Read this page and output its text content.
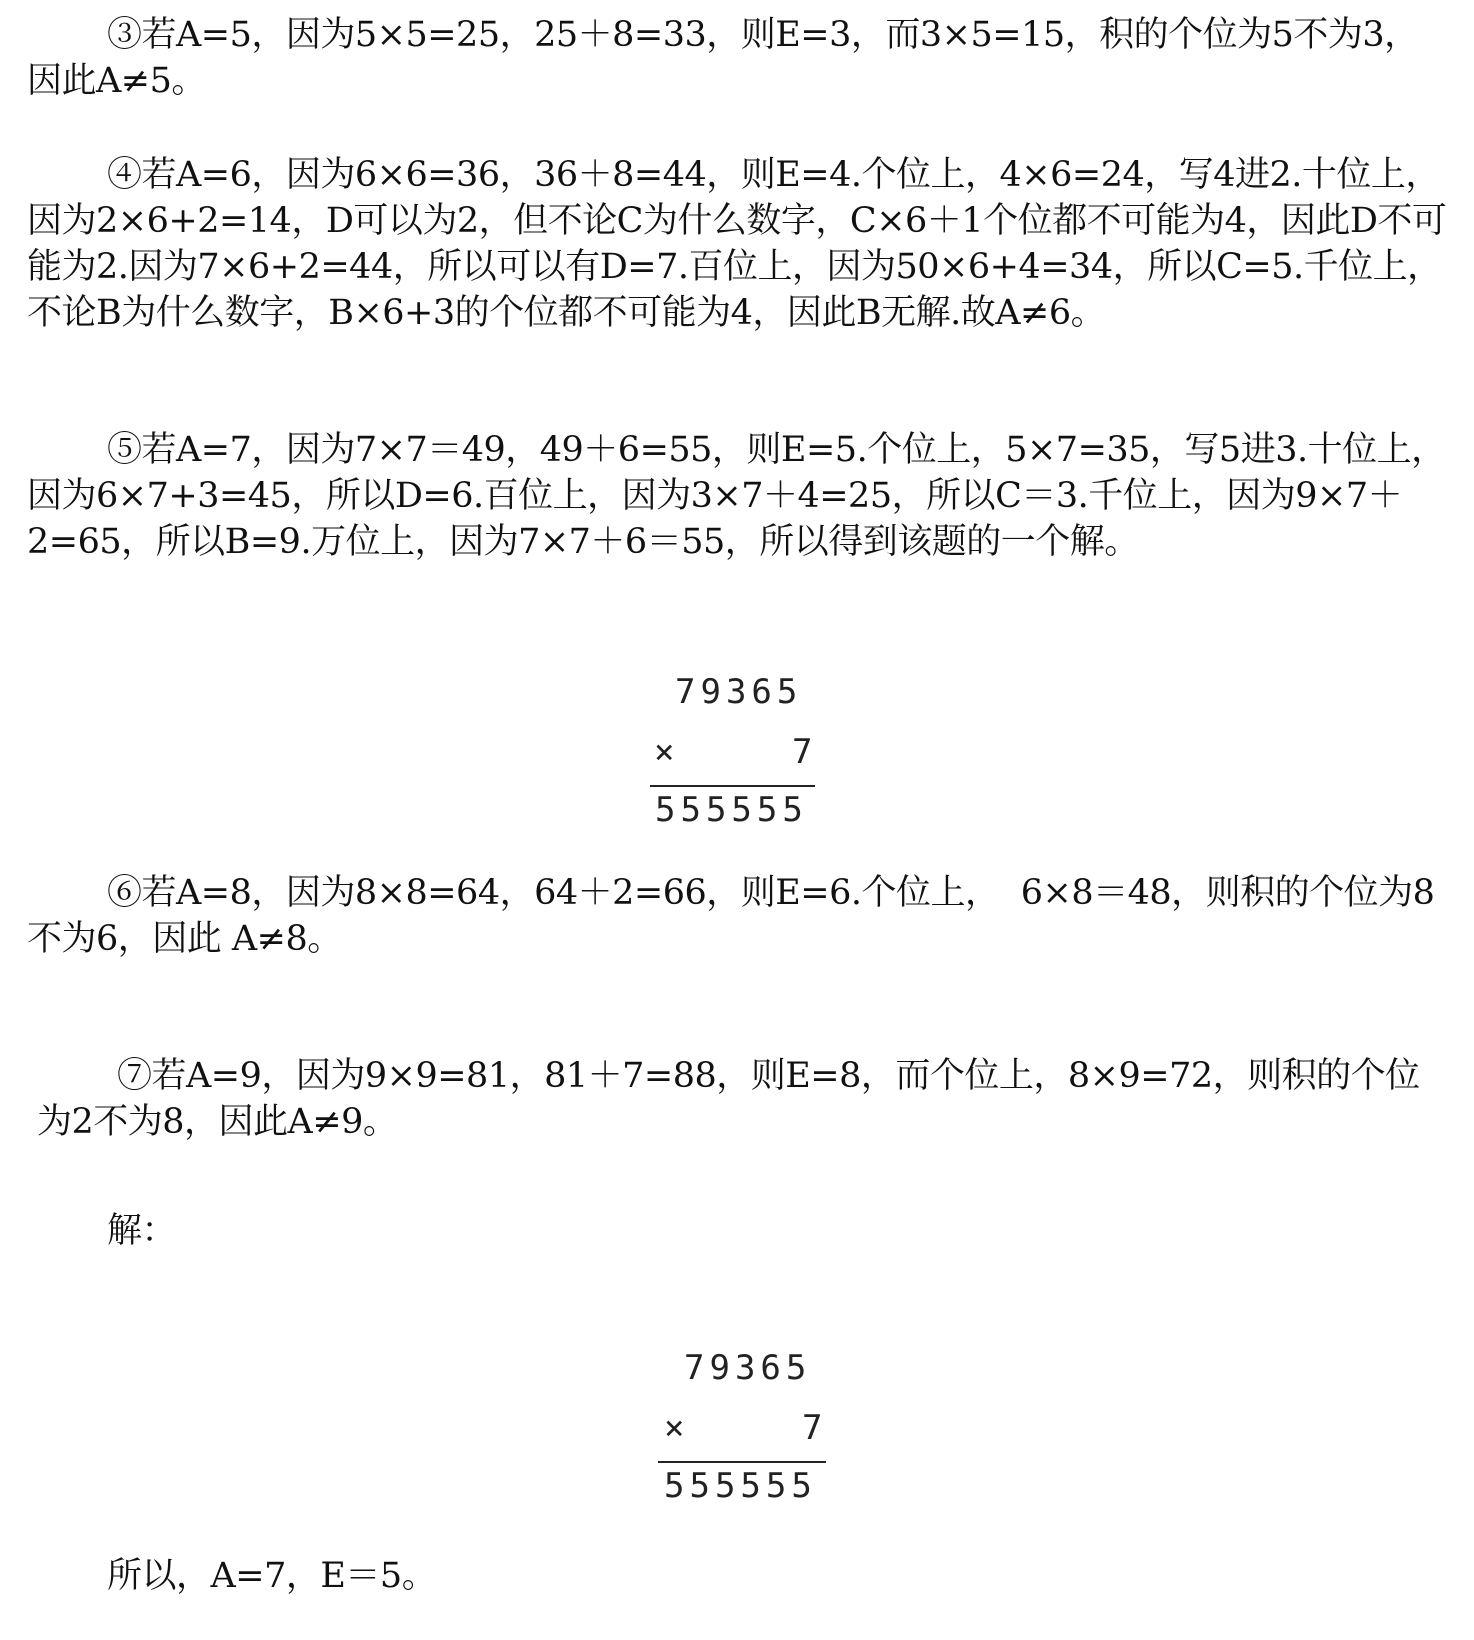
③若A=5，因为5×5=25，25＋8=33，则E=3，而3×5=15，积的个位为5不为3，因此A≠5。
④若A=6，因为6×6=36，36＋8=44，则E=4.个位上，4×6=24，写4进2.十位上，因为2×6+2=14，D可以为2，但不论C为什么数字，C×6＋1个位都不可能为4，因此D不可能为2.因为7×6+2=44，所以可以有D=7.百位上，因为50×6+4=34，所以C=5.千位上，不论B为什么数字，B×6+3的个位都不可能为4，因此B无解.故A≠6。
⑤若A=7，因为7×7＝49，49＋6=55，则E=5.个位上，5×7=35，写5进3.十位上，因为6×7+3=45，所以D=6.百位上，因为3×7＋4=25，所以C＝3.千位上，因为9×7＋2=65，所以B=9.万位上，因为7×7＋6＝55，所以得到该题的一个解。
79365
×	7
555555
⑥若A=8，因为8×8=64，64＋2=66，则E=6.个位上，  6×8＝48，则积的个位为8不为6，因此 A≠8。
⑦若A=9，因为9×9=81，81＋7=88，则E=8，而个位上，8×9=72，则积的个位为2不为8，因此A≠9。
解：
79365
×	7
555555
所以，A=7，E＝5。
